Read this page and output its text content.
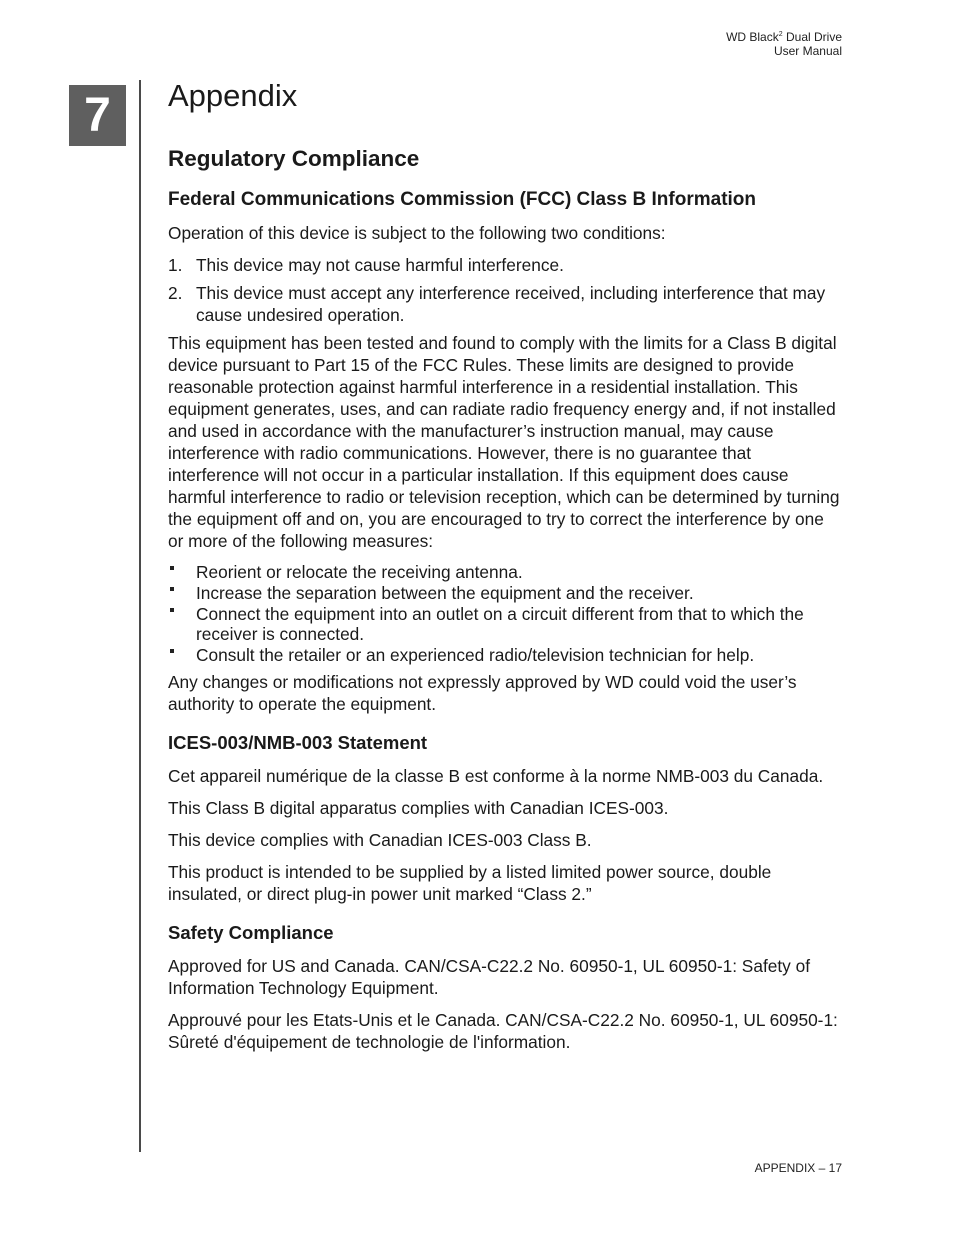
WD Black$^2$ Dual Drive
User Manual
7	Appendix
Regulatory Compliance
Federal Communications Commission (FCC) Class B Information

Operation of this device is subject to the following two conditions:

1. This device may not cause harmful interference.
2. This device must accept any interference received, including interference that may cause undesired operation.

This equipment has been tested and found to comply with the limits for a Class B digital device pursuant to Part 15 of the FCC Rules. These limits are designed to provide reasonable protection against harmful interference in a residential installation. This equipment generates, uses, and can radiate radio frequency energy and, if not installed and used in accordance with the manufacturer’s instruction manual, may cause interference with radio communications. However, there is no guarantee that interference will not occur in a particular installation. If this equipment does cause harmful interference to radio or television reception, which can be determined by turning the equipment off and on, you are encouraged to try to correct the interference by one or more of the following measures:

Reorient or relocate the receiving antenna.
Increase the separation between the equipment and the receiver.
Connect the equipment into an outlet on a circuit different from that to which the receiver is connected.
Consult the retailer or an experienced radio/television technician for help.

Any changes or modifications not expressly approved by WD could void the user’s authority to operate the equipment.

ICES-003/NMB-003 Statement

Cet appareil numérique de la classe B est conforme à la norme NMB-003 du Canada.

This Class B digital apparatus complies with Canadian ICES-003.

This device complies with Canadian ICES-003 Class B.

This product is intended to be supplied by a listed limited power source, double insulated, or direct plug-in power unit marked “Class 2.”

Safety Compliance

Approved for US and Canada. CAN/CSA-C22.2 No. 60950-1, UL 60950-1: Safety of Information Technology Equipment.

Approuvé pour les Etats-Unis et le Canada. CAN/CSA-C22.2 No. 60950-1, UL 60950-1: Sûreté d'équipement de technologie de l'information.

APPENDIX – 17
